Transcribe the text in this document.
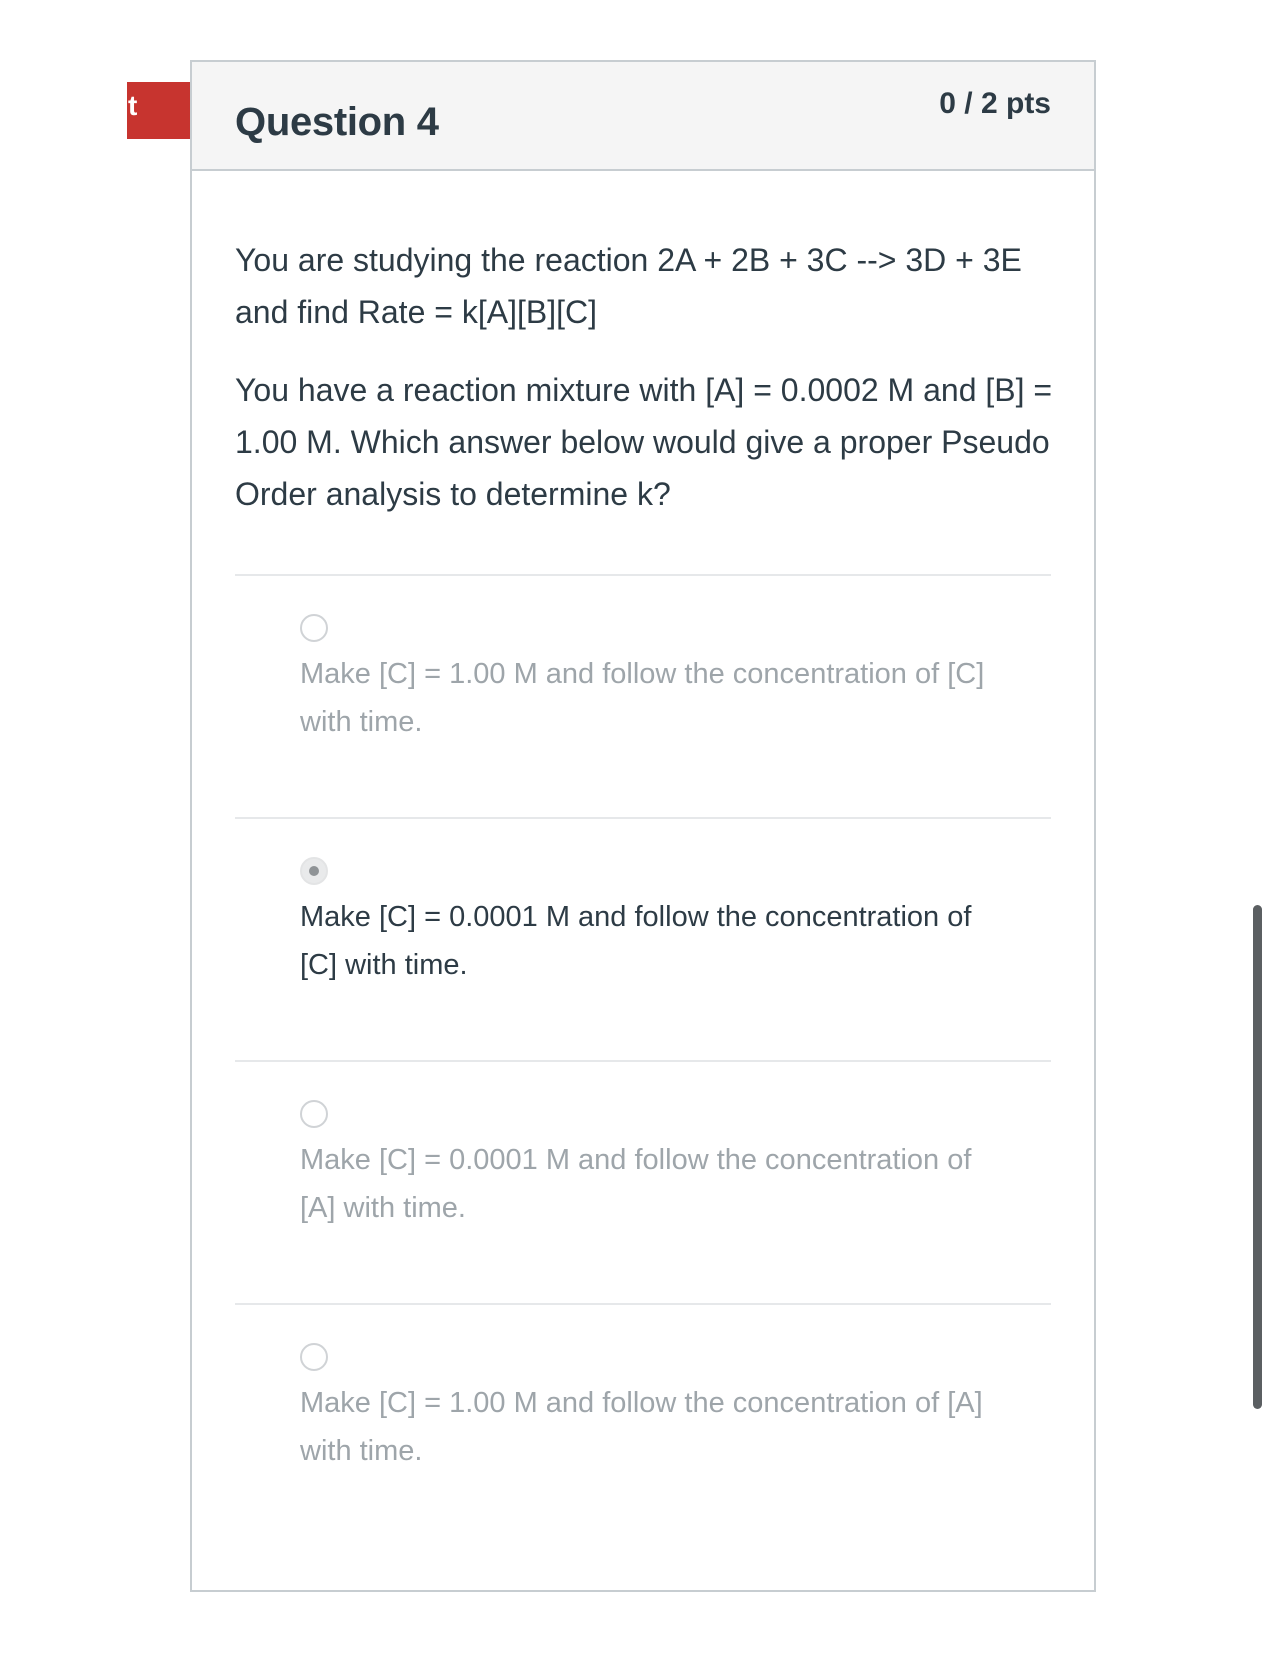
t Question 4	0 / 2 pts

You are studying the reaction 2A + 2B + 3C --> 3D + 3E and find Rate = k[A][B][C]

You have a reaction mixture with [A] = 0.0002 M and [B] = 1.00 M. Which answer below would give a proper Pseudo Order analysis to determine k?

Make [C] = 1.00 M and follow the concentration of [C] with time.
Make [C] = 0.0001 M and follow the concentration of [C] with time.
Make [C] = 0.0001 M and follow the concentration of [A] with time.
Make [C] = 1.00 M and follow the concentration of [A] with time.
